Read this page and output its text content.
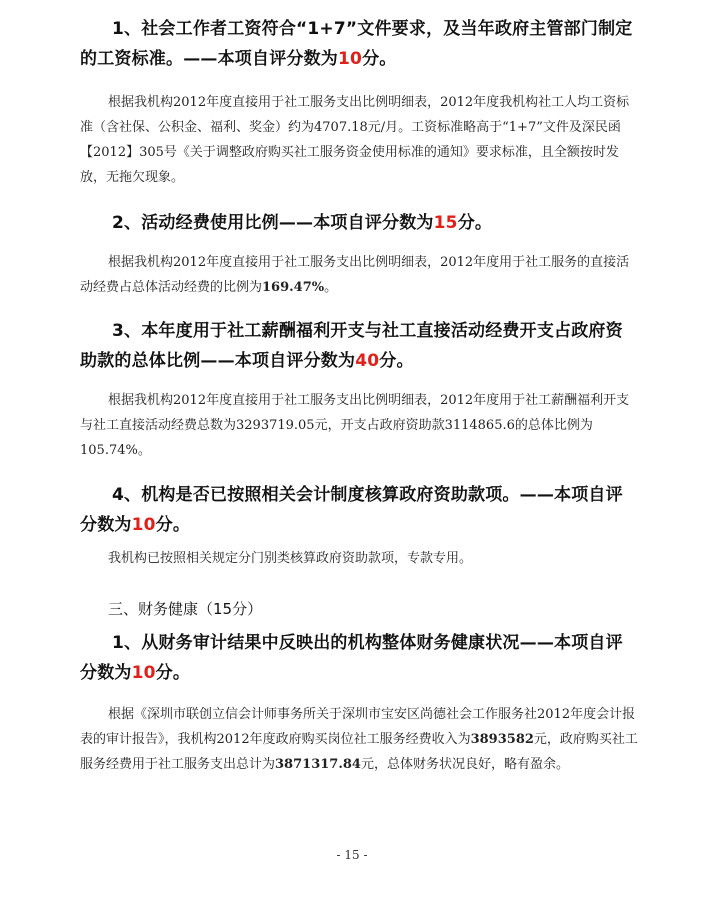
1、社会工作者工资符合“1+7”文件要求，及当年政府主管部门制定的工资标准。——本项自评分数为10分。
根据我机构2012年度直接用于社工服务支出比例明细表，2012年度我机构社工人均工资标准（含社保、公积金、福利、奖金）约为4707.18元/月。工资标准略高于“1+7”文件及深民函【2012】305号《关于调整政府购买社工服务资金使用标准的通知》要求标准，且全额按时发放，无拖欠现象。
2、活动经费使用比例——本项自评分数为15分。
根据我机构2012年度直接用于社工服务支出比例明细表，2012年度用于社工服务的直接活动经费占总体活动经费的比例为169.47%。
3、本年度用于社工薪酬福利开支与社工直接活动经费开支占政府资助款的总体比例——本项自评分数为40分。
根据我机构2012年度直接用于社工服务支出比例明细表，2012年度用于社工薪酬福利开支与社工直接活动经费总数为3293719.05元，开支占政府资助款3114865.6的总体比例为105.74%。
4、机构是否已按照相关会计制度核算政府资助款项。——本项自评分数为10分。
我机构已按照相关规定分门别类核算政府资助款项，专款专用。
三、财务健康（15分）
1、从财务审计结果中反映出的机构整体财务健康状况——本项自评分数为10分。
根据《深圳市联创立信会计师事务所关于深圳市宝安区尚德社会工作服务社2012年度会计报表的审计报告》，我机构2012年度政府购买岗位社工服务经费收入为3893582元，政府购买社工服务经费用于社工服务支出总计为3871317.84元，总体财务状况良好，略有盈余。
- 15 -
